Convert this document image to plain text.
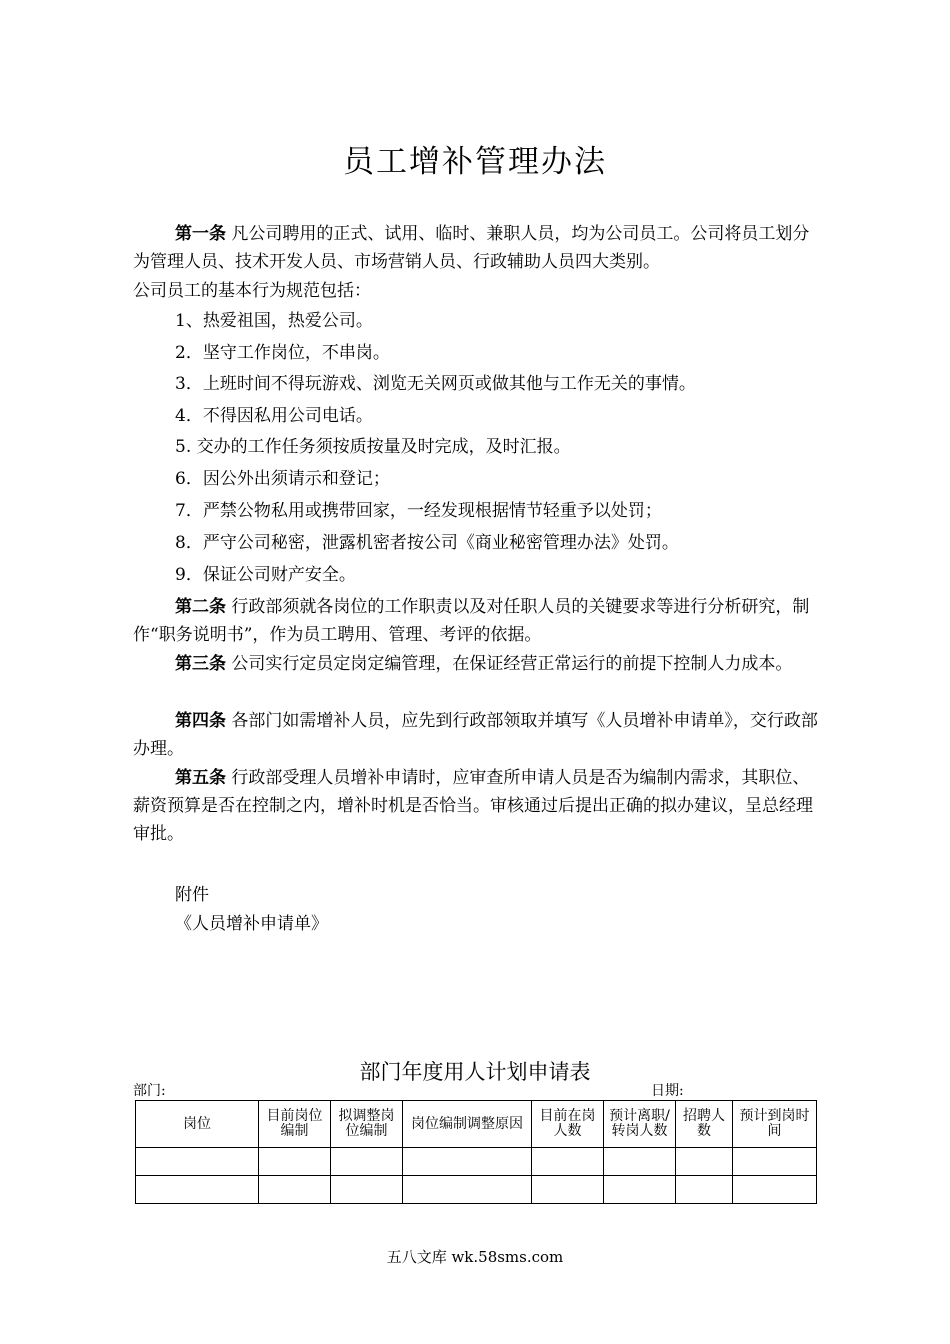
员工增补管理办法

第一条 凡公司聘用的正式、试用、临时、兼职人员，均为公司员工。公司将员工划分为管理人员、技术开发人员、市场营销人员、行政辅助人员四大类别。

公司员工的基本行为规范包括：
1、热爱祖国，热爱公司。
2．坚守工作岗位，不串岗。
3．上班时间不得玩游戏、浏览无关网页或做其他与工作无关的事情。
4．不得因私用公司电话。
5. 交办的工作任务须按质按量及时完成，及时汇报。
6．因公外出须请示和登记；
7．严禁公物私用或携带回家，一经发现根据情节轻重予以处罚；
8．严守公司秘密，泄露机密者按公司《商业秘密管理办法》处罚。
9．保证公司财产安全。

第二条 行政部须就各岗位的工作职责以及对任职人员的关键要求等进行分析研究，制作“职务说明书”，作为员工聘用、管理、考评的依据。

第三条 公司实行定员定岗定编管理，在保证经营正常运行的前提下控制人力成本。

第四条 各部门如需增补人员，应先到行政部领取并填写《人员增补申请单》，交行政部办理。

第五条 行政部受理人员增补申请时，应审查所申请人员是否为编制内需求，其职位、薪资预算是否在控制之内，增补时机是否恰当。审核通过后提出正确的拟办建议，呈总经理审批。

附件
《人员增补申请单》
部门年度用人计划申请表
部门:	日期:
岗位	目前岗位编制	拟调整岗位编制	岗位编制调整原因	目前在岗人数	预计离职/转岗人数	招聘人数	预计到岗时间

五八文库 wk.58sms.com
